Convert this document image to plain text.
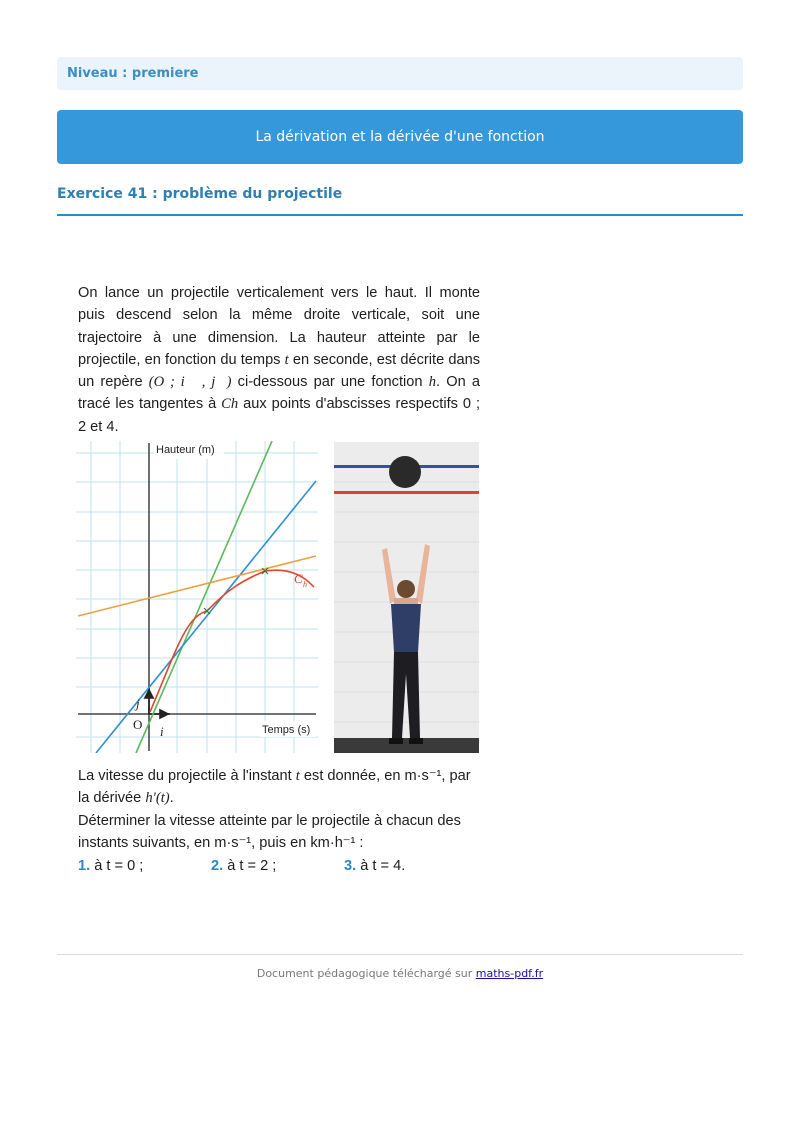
Niveau : premiere
La dérivation et la dérivée d'une fonction
Exercice 41 : problème du projectile

On lance un projectile verticalement vers le haut. Il monte puis descend selon la même droite verticale, soit une trajectoire à une dimension. La hauteur atteinte par le projectile, en fonction du temps t en seconde, est décrite dans un repère (O ; i⃗ , j⃗) ci-dessous par une fonction h. On a tracé les tangentes à Ch aux points d'abscisses respectifs 0 ; 2 et 4.

Hauteur (m)
Temps (s)
O i
j
C h

La vitesse du projectile à l'instant t est donnée, en m·s⁻¹, par la dérivée h′(t).

Déterminer la vitesse atteinte par le projectile à chacun des instants suivants, en m·s⁻¹, puis en km·h⁻¹ :

1. à t = 0 ;	2. à t = 2 ;	3. à t = 4.
Document pédagogique téléchargé sur maths-pdf.fr
